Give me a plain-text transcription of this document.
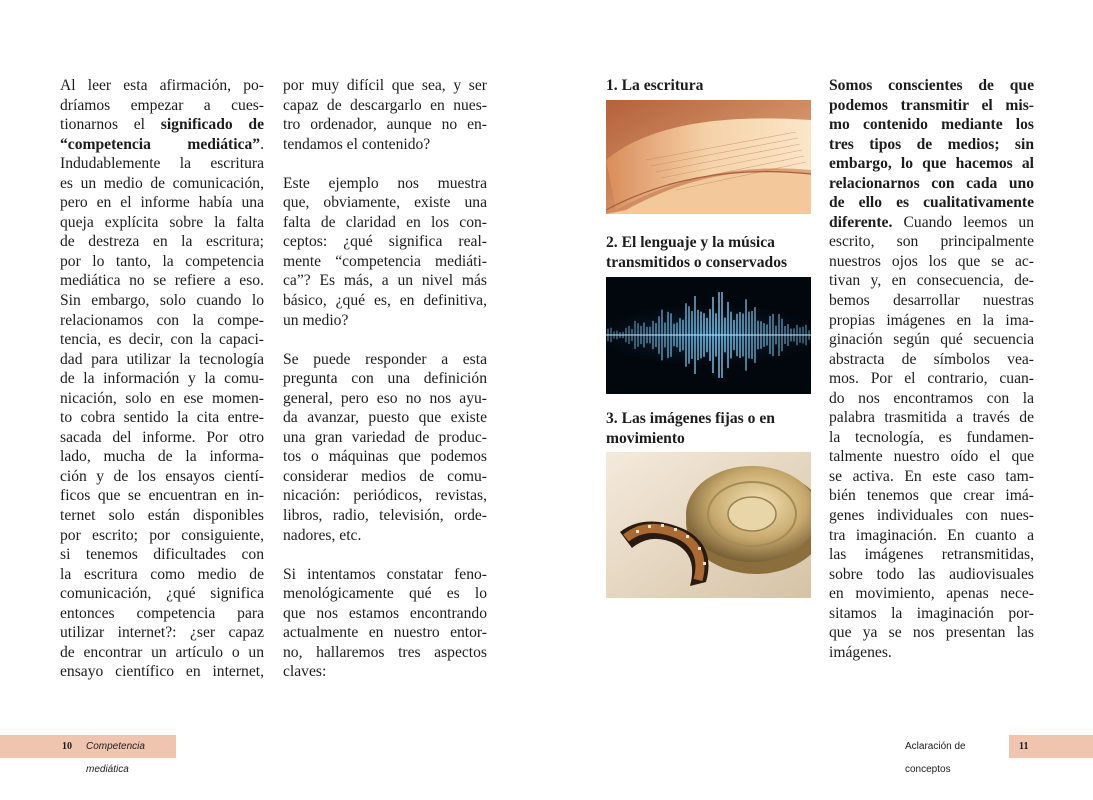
Al leer esta afirmación, po-
dríamos empezar a cues-
tionarnos el significado de
“competencia mediática”.
Indudablemente la escritura
es un medio de comunicación,
pero en el informe había una
queja explícita sobre la falta
de destreza en la escritura;
por lo tanto, la competencia
mediática no se refiere a eso.
Sin embargo, solo cuando lo
relacionamos con la compe-
tencia, es decir, con la capaci-
dad para utilizar la tecnología
de la información y la comu-
nicación, solo en ese momen-
to cobra sentido la cita entre-
sacada del informe. Por otro
lado, mucha de la informa-
ción y de los ensayos cientí-
ficos que se encuentran en in-
ternet solo están disponibles
por escrito; por consiguiente,
si tenemos dificultades con
la escritura como medio de
comunicación, ¿qué significa
entonces competencia para
utilizar internet?: ¿ser capaz
de encontrar un artículo o un
ensayo científico en internet,

por muy difícil que sea, y ser
capaz de descargarlo en nues-
tro ordenador, aunque no en-
tendamos el contenido?

Este ejemplo nos muestra
que, obviamente, existe una
falta de claridad en los con-
ceptos: ¿qué significa real-
mente “competencia mediáti-
ca”? Es más, a un nivel más
básico, ¿qué es, en definitiva,
un medio?

Se puede responder a esta
pregunta con una definición
general, pero eso no nos ayu-
da avanzar, puesto que existe
una gran variedad de produc-
tos o máquinas que podemos
considerar medios de comu-
nicación: periódicos, revistas,
libros, radio, televisión, orde-
nadores, etc.

Si intentamos constatar feno-
menológicamente qué es lo
que nos estamos encontrando
actualmente en nuestro entor-
no, hallaremos tres aspectos
claves:

1. La escritura
2. El lenguaje y la música
transmitidos o conservados
3. Las imágenes fijas o en
movimiento
Somos conscientes de que
podemos transmitir el mis-
mo contenido mediante los
tres tipos de medios; sin
embargo, lo que hacemos al
relacionarnos con cada uno
de ello es cualitativamente
diferente. Cuando leemos un
escrito, son principalmente
nuestros ojos los que se ac-
tivan y, en consecuencia, de-
bemos desarrollar nuestras
propias imágenes en la ima-
ginación según qué secuencia
abstracta de símbolos vea-
mos. Por el contrario, cuan-
do nos encontramos con la
palabra trasmitida a través de
la tecnología, es fundamen-
talmente nuestro oído el que
se activa. En este caso tam-
bién tenemos que crear imá-
genes individuales con nues-
tra imaginación. En cuanto a
las imágenes retransmitidas,
sobre todo las audiovisuales
en movimiento, apenas nece-
sitamos la imaginación por-
que ya se nos presentan las
imágenes.
10 Competencia mediática
Aclaración de conceptos
11
